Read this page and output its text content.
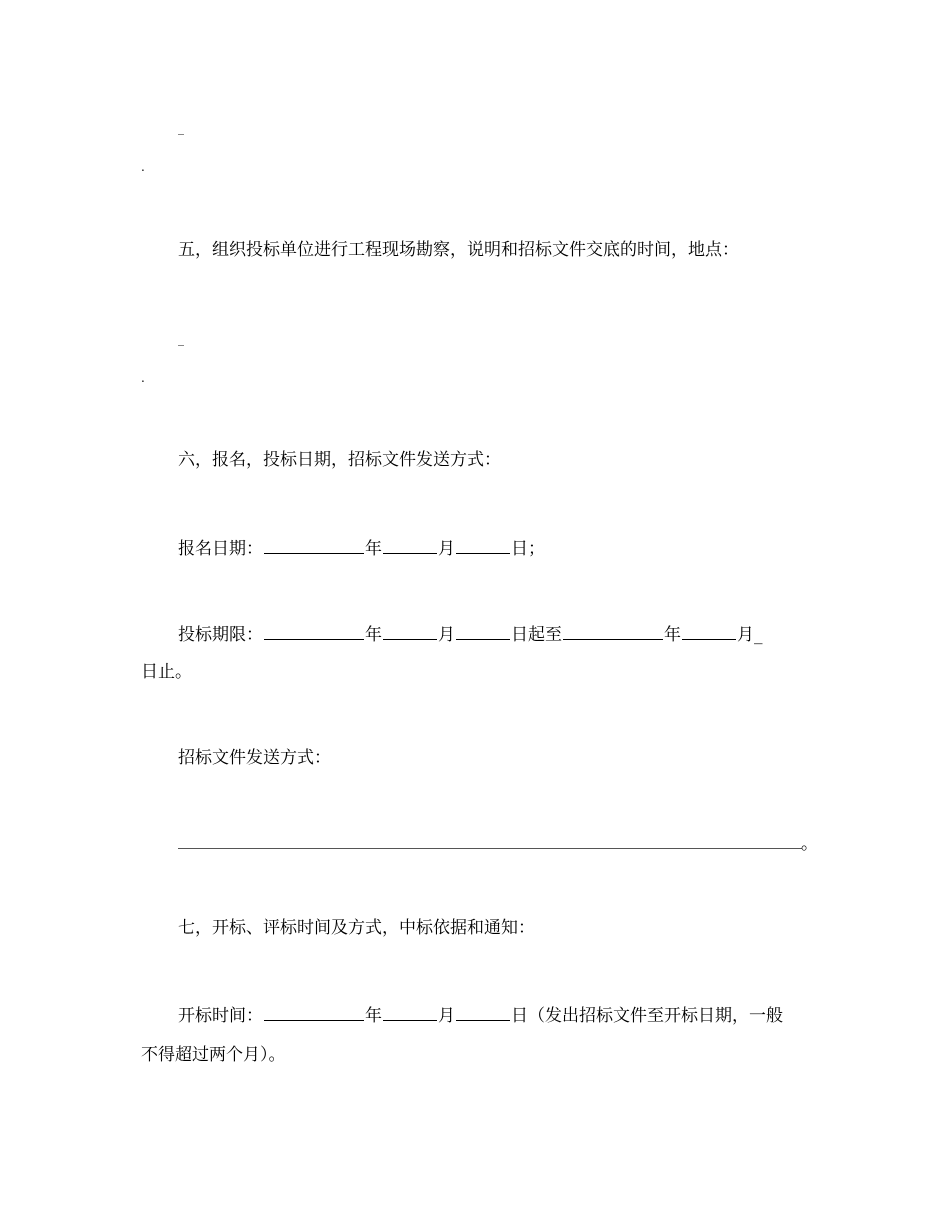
_
.
五，组织投标单位进行工程现场勘察，说明和招标文件交底的时间，地点：
_
.
六，报名，投标日期，招标文件发送方式：
报名日期：	年	月	日；
投标期限：	年	月	日起至	年	月_
日止。
招标文件发送方式：
。
七，开标、评标时间及方式，中标依据和通知：
开标时间：	年	月	日（发出招标文件至开标日期，一般
不得超过两个月）。
